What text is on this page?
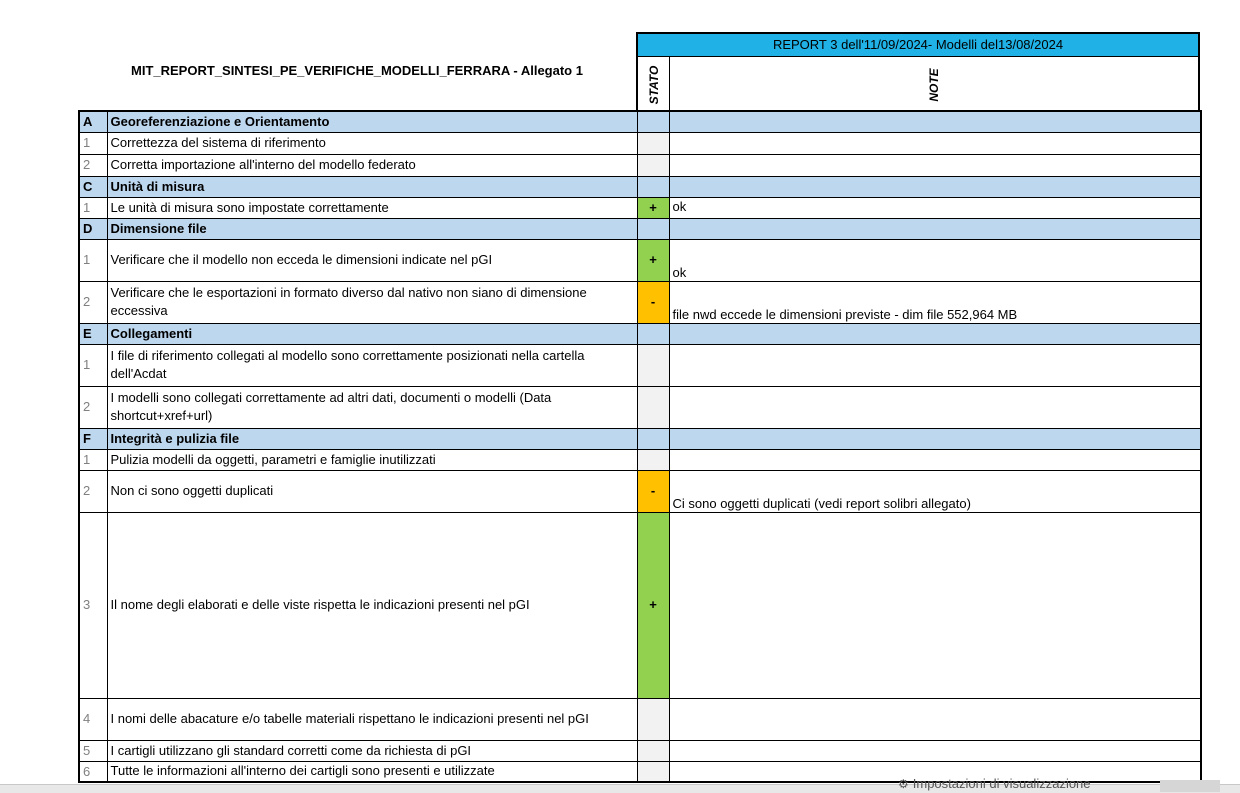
MIT_REPORT_SINTESI_PE_VERIFICHE_MODELLI_FERRARA - Allegato 1
REPORT 3 dell'11/09/2024- Modelli del13/08/2024
STATO	NOTE
A	Georeferenziazione e Orientamento		
1	Correttezza del sistema di riferimento		
2	Corretta importazione all'interno del modello federato		
C	Unità di misura		
1	Le unità di misura sono impostate correttamente	+	ok
D	Dimensione file		
1	Verificare che il modello non ecceda le dimensioni indicate nel pGI	+	ok
2	Verificare che le esportazioni in formato diverso dal nativo non siano di dimensione eccessiva	-	file nwd eccede le dimensioni previste - dim file 552,964 MB
E	Collegamenti		
1	I file di riferimento collegati al modello sono correttamente posizionati nella cartella dell'Acdat		
2	I modelli sono collegati correttamente ad altri dati, documenti o modelli (Data shortcut+xref+url)		
F	Integrità e pulizia file		
1	Pulizia modelli da oggetti, parametri e famiglie inutilizzati		
2	Non ci sono oggetti duplicati	-	Ci sono oggetti duplicati (vedi report solibri allegato)
3	Il nome degli elaborati e delle viste rispetta le indicazioni presenti nel pGI	+	
4	I nomi delle abacature e/o tabelle materiali rispettano le indicazioni presenti nel pGI		
5	I cartigli utilizzano gli standard corretti come da richiesta di pGI		
6	Tutte le informazioni all'interno dei cartigli sono presenti e utilizzate		
⚙ Impostazioni di visualizzazione
